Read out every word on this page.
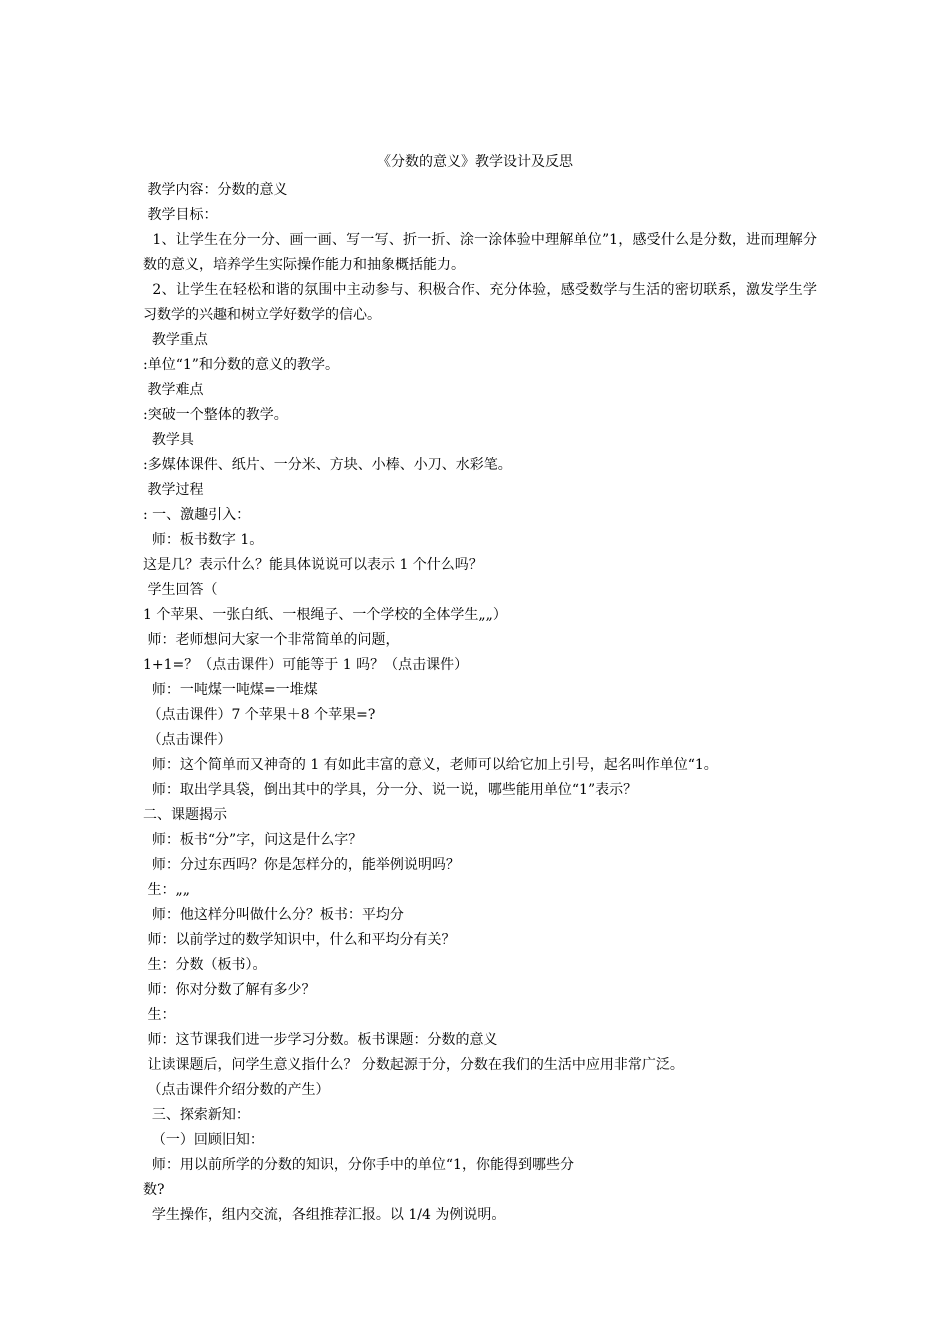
《分数的意义》教学设计及反思
教学内容：分数的意义
教学目标：
1、让学生在分一分、画一画、写一写、折一折、涂一涂体验中理解单位”1，感受什么是分数，进而理解分数的意义，培养学生实际操作能力和抽象概括能力。
2、让学生在轻松和谐的氛围中主动参与、积极合作、充分体验，感受数学与生活的密切联系，激发学生学习数学的兴趣和树立学好数学的信心。
教学重点
:单位“1”和分数的意义的教学。
教学难点
:突破一个整体的教学。
教学具
:多媒体课件、纸片、一分米、方块、小棒、小刀、水彩笔。
教学过程
: 一、激趣引入：
师：板书数字 1。
这是几？表示什么？能具体说说可以表示 1 个什么吗？
学生回答（
1 个苹果、一张白纸、一根绳子、一个学校的全体学生„„）
师：老师想问大家一个非常简单的问题，
1+1=？（点击课件）可能等于 1 吗？（点击课件）
师：一吨煤一吨煤=一堆煤
（点击课件）7 个苹果＋8 个苹果=?
（点击课件）
师：这个简单而又神奇的 1 有如此丰富的意义，老师可以给它加上引号，起名叫作单位“1。
师：取出学具袋，倒出其中的学具，分一分、说一说，哪些能用单位“1”表示？
二、课题揭示
师：板书“分”字，问这是什么字？
师：分过东西吗？你是怎样分的，能举例说明吗？
生：„„
师：他这样分叫做什么分？板书：平均分
师：以前学过的数学知识中，什么和平均分有关？
生：分数（板书）。
师：你对分数了解有多少？
生：
师：这节课我们进一步学习分数。板书课题：分数的意义
让读课题后，问学生意义指什么？ 分数起源于分，分数在我们的生活中应用非常广泛。
（点击课件介绍分数的产生）
三、探索新知：
（一）回顾旧知：
师：用以前所学的分数的知识，分你手中的单位“1，你能得到哪些分
数?
学生操作，组内交流，各组推荐汇报。以 1/4 为例说明。
